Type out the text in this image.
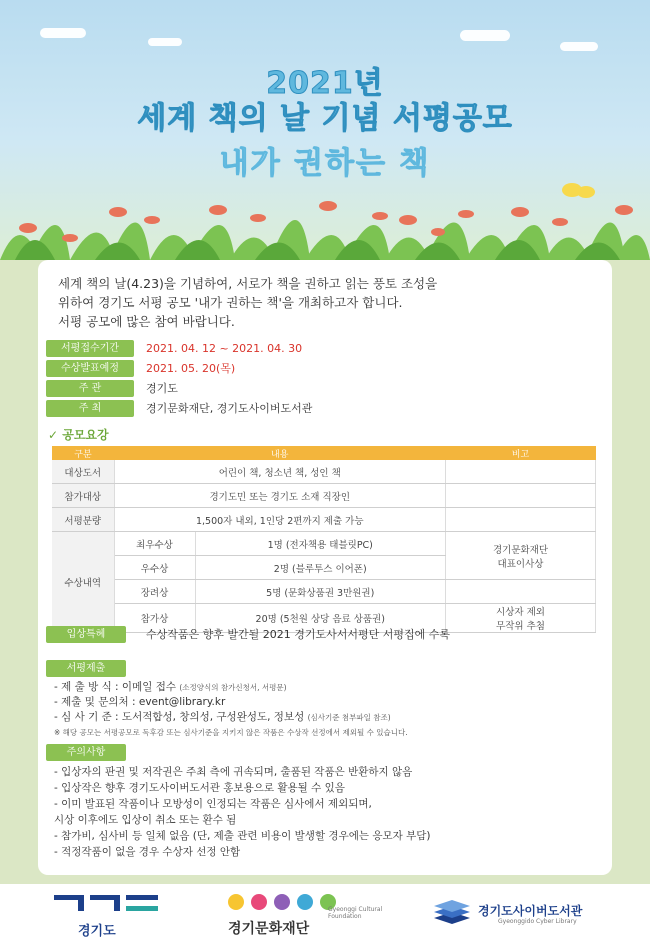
2021년
세계 책의 날 기념 서평공모
내가 권하는 책
세계 책의 날(4.23)을 기념하여, 서로가 책을 권하고 읽는 풍토 조성을
위하여 경기도 서평 공모 '내가 권하는 책'을 개최하고자 합니다.
서평 공모에 많은 참여 바랍니다.
서평접수기간	2021. 04. 12 ~ 2021. 04. 30
수상발표예정	2021. 05. 20(목)
주 관	경기도
주 최	경기문화재단, 경기도사이버도서관
✓ 공모요강
구분	내용		비고
대상도서	어린이 책, 청소년 책, 성인 책		
참가대상	경기도민 또는 경기도 소재 직장인		
서평분량	1,500자 내외, 1인당 2편까지 제출 가능		
수상내역	최우수상	1명 (전자책용 태블릿PC)	경기문화재단
대표이사상

	우수상	2명 (블루투스 이어폰)	
	장려상	5명 (문화상품권 3만원권)	
	참가상	20명 (5천원 상당 음료 상품권)	시상자 제외
무작위 추첨
입상특혜	수상작품은 향후 발간될 2021 경기도사서서평단 서평집에 수록
서평제출
- 제 출 방 식 : 이메일 접수 (소정양식의 참가신청서, 서평문)
- 제출 및 문의처 : event@library.kr
- 심 사 기 준 : 도서적합성, 창의성, 구성완성도, 정보성 (심사기준 첨부파일 참조)
※ 해당 공모는 서평공모로 독후감 또는 심사기준을 지키지 않은 작품은 수상작 선정에서 제외될 수 있습니다.
주의사항
- 입상자의 판권 및 저작권은 주최 측에 귀속되며, 출품된 작품은 반환하지 않음
- 입상작은 향후 경기도사이버도서관 홍보용으로 활용될 수 있음
- 이미 발표된 작품이나 모방성이 인정되는 작품은 심사에서 제외되며,
시상 이후에도 입상이 취소 또는 환수 됨
- 참가비, 심사비 등 일체 없음 (단, 제출 관련 비용이 발생할 경우에는 응모자 부담)
- 적정작품이 없을 경우 수상자 선정 안함
경기도

Gyeonggi Cultural Foundation
경기문화재단
경기도사이버도서관
Gyeonggido Cyber Library
